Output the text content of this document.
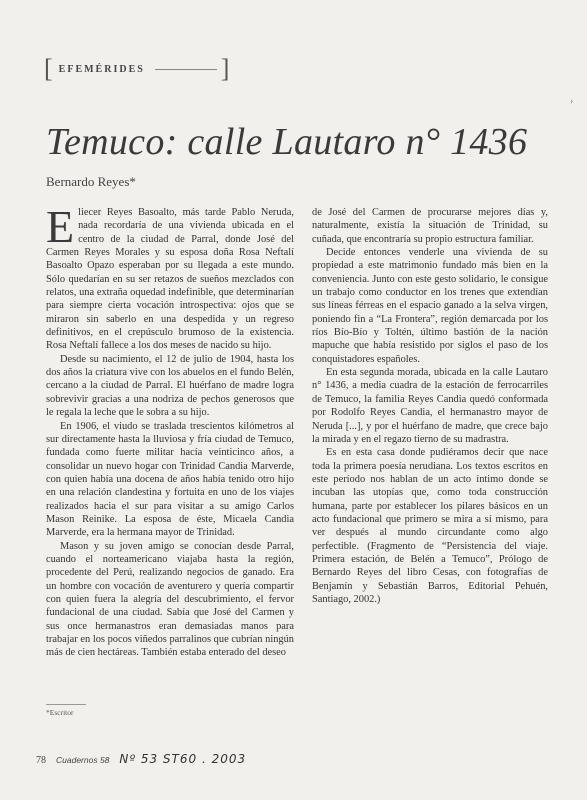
[ EFEMÉRIDES	]
›
Temuco: calle Lautaro n° 1436
Bernardo Reyes*

Eliecer Reyes Basoalto, más tarde Pablo Neruda, nada recordaría de una vivienda ubicada en el centro de la ciudad de Parral, donde José del Carmen Reyes Morales y su esposa doña Rosa Neftalí Basoalto Opazo esperaban por su llegada a este mundo. Sólo quedarían en su ser retazos de sueños mezclados con relatos, una extraña oquedad indefinible, que determinarían para siempre cierta vocación introspectiva: ojos que se miraron sin saberlo en una despedida y un regreso definitivos, en el crepúsculo brumoso de la existencia. Rosa Neftalí fallece a los dos meses de nacido su hijo.

Desde su nacimiento, el 12 de julio de 1904, hasta los dos años la criatura vive con los abuelos en el fundo Belén, cercano a la ciudad de Parral. El huérfano de madre logra sobrevivir gracias a una nodriza de pechos generosos que le regala la leche que le sobra a su hijo.

En 1906, el viudo se traslada trescientos kilómetros al sur directamente hasta la lluviosa y fría ciudad de Temuco, fundada como fuerte militar hacía veinticinco años, a consolidar un nuevo hogar con Trinidad Candia Marverde, con quien había una docena de años había tenido otro hijo en una relación clandestina y fortuita en uno de los viajes realizados hacia el sur para visitar a su amigo Carlos Mason Reinike. La esposa de éste, Micaela Candia Marverde, era la hermana mayor de Trinidad.

Mason y su joven amigo se conocían desde Parral, cuando el norteamericano viajaba hasta la región, procedente del Perú, realizando negocios de ganado. Era un hombre con vocación de aventurero y quería compartir con quien fuera la alegría del descubrimiento, el fervor fundacional de una ciudad. Sabía que José del Carmen y sus once hermanastros eran demasiadas manos para trabajar en los pocos viñedos parralinos que cubrían ningún más de cien hectáreas. También estaba enterado del deseo

de José del Carmen de procurarse mejores días y, naturalmente, existía la situación de Trinidad, su cuñada, que encontraría su propio estructura familiar.

Decide entonces venderle una vivienda de su propiedad a este matrimonio fundado más bien en la conveniencia. Junto con este gesto solidario, le consigue un trabajo como conductor en los trenes que extendían sus líneas férreas en el espacio ganado a la selva virgen, poniendo fin a “La Frontera”, región demarcada por los ríos Bío-Bío y Toltén, último bastión de la nación mapuche que había resistido por siglos el paso de los conquistadores españoles.

En esta segunda morada, ubicada en la calle Lautaro n° 1436, a media cuadra de la estación de ferrocarriles de Temuco, la familia Reyes Candia quedó conformada por Rodolfo Reyes Candia, el hermanastro mayor de Neruda [...], y por el huérfano de madre, que crece bajo la mirada y en el regazo tierno de su madrastra.

Es en esta casa donde pudiéramos decir que nace toda la primera poesía nerudiana. Los textos escritos en este período nos hablan de un acto íntimo donde se incuban las utopías que, como toda construcción humana, parte por establecer los pilares básicos en un acto fundacional que primero se mira a sí mismo, para ver después al mundo circundante como algo perfectible. (Fragmento de “Persistencia del viaje. Primera estación, de Belén a Temuco”, Prólogo de Bernardo Reyes del libro Cesas, con fotografías de Benjamín y Sebastián Barros, Editorial Pehuén, Santiago, 2002.)

*Escritor
78 Cuadernos 58 Nº 53 ST60 . 2003
